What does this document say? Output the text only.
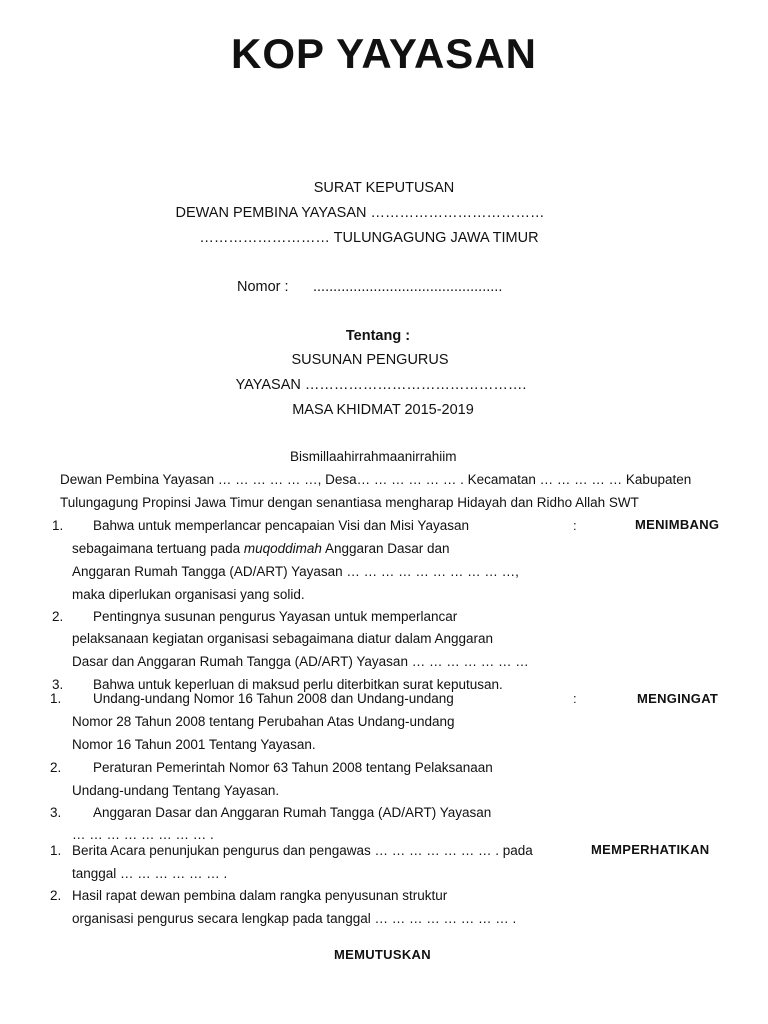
KOP YAYASAN
SURAT KEPUTUSAN
DEWAN PEMBINA YAYASAN ………………………………
……………………… TULUNGAGUNG JAWA TIMUR
Nomor : ...............................................
Tentang :
SUSUNAN PENGURUS
YAYASAN ……………………………………….
MASA KHIDMAT 2015-2019
Bismillaahirrahmaanirrahiim
Dewan Pembina Yayasan … … … … … …, Desa… … … … … … . Kecamatan … … … … … Kabupaten
Tulungagung Propinsi Jawa Timur dengan senantiasa mengharap Hidayah dan Ridho Allah SWT
1. Bahwa untuk memperlancar pencapaian Visi dan Misi Yayasan	:	MENIMBANG
sebagaimana tertuang pada muqoddimah Anggaran Dasar dan
Anggaran Rumah Tangga (AD/ART) Yayasan … … … … … … … … … …,
maka diperlukan organisasi yang solid.
2. Pentingnya susunan pengurus Yayasan untuk memperlancar
pelaksanaan kegiatan organisasi sebagaimana diatur dalam Anggaran
Dasar dan Anggaran Rumah Tangga (AD/ART) Yayasan … … … … … … …
3. Bahwa untuk keperluan di maksud perlu diterbitkan surat keputusan.
1. Undang-undang Nomor 16 Tahun 2008 dan Undang-undang	:	MENGINGAT
Nomor 28 Tahun 2008 tentang Perubahan Atas Undang-undang
Nomor 16 Tahun 2001 Tentang Yayasan.
2. Peraturan Pemerintah Nomor 63 Tahun 2008 tentang Pelaksanaan
Undang-undang Tentang Yayasan.
3. Anggaran Dasar dan Anggaran Rumah Tangga (AD/ART) Yayasan
… … … … … … … … .
1. Berita Acara penunjukan pengurus dan pengawas … … … … … … … . pada	MEMPERHATIKAN
tanggal … … … … … … .
2. Hasil rapat dewan pembina dalam rangka penyusunan struktur
organisasi pengurus secara lengkap pada tanggal … … … … … … … … .
MEMUTUSKAN
